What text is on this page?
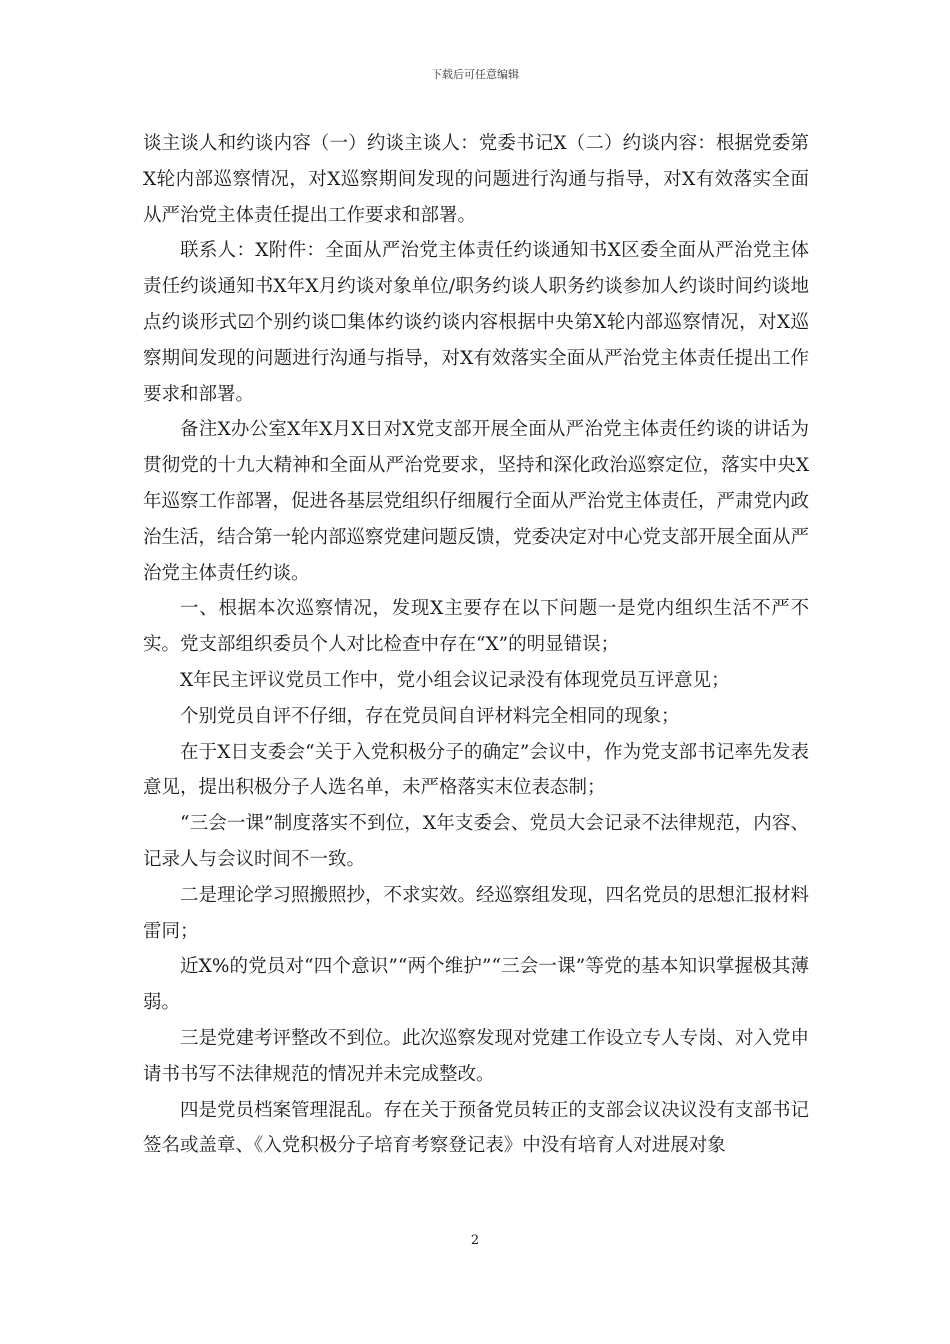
下载后可任意编辑

谈主谈人和约谈内容（一）约谈主谈人：党委书记X（二）约谈内容：根据党委第X轮内部巡察情况，对X巡察期间发现的问题进行沟通与指导，对X有效落实全面从严治党主体责任提出工作要求和部署。

联系人：X附件：全面从严治党主体责任约谈通知书X区委全面从严治党主体责任约谈通知书X年X月约谈对象单位/职务约谈人职务约谈参加人约谈时间约谈地点约谈形式☑个别约谈☐集体约谈约谈内容根据中央第X轮内部巡察情况，对X巡察期间发现的问题进行沟通与指导，对X有效落实全面从严治党主体责任提出工作要求和部署。

备注X办公室X年X月X日对X党支部开展全面从严治党主体责任约谈的讲话为贯彻党的十九大精神和全面从严治党要求，坚持和深化政治巡察定位，落实中央X年巡察工作部署，促进各基层党组织仔细履行全面从严治党主体责任，严肃党内政治生活，结合第一轮内部巡察党建问题反馈，党委决定对中心党支部开展全面从严治党主体责任约谈。

一、根据本次巡察情况，发现X主要存在以下问题一是党内组织生活不严不实。党支部组织委员个人对比检查中存在“X”的明显错误；

X年民主评议党员工作中，党小组会议记录没有体现党员互评意见；

个别党员自评不仔细，存在党员间自评材料完全相同的现象；

在于X日支委会“关于入党积极分子的确定”会议中，作为党支部书记率先发表意见，提出积极分子人选名单，未严格落实末位表态制；

“三会一课”制度落实不到位，X年支委会、党员大会记录不法律规范，内容、记录人与会议时间不一致。

二是理论学习照搬照抄，不求实效。经巡察组发现，四名党员的思想汇报材料雷同；

近X%的党员对“四个意识”“两个维护”“三会一课”等党的基本知识掌握极其薄弱。

三是党建考评整改不到位。此次巡察发现对党建工作设立专人专岗、对入党申请书书写不法律规范的情况并未完成整改。

四是党员档案管理混乱。存在关于预备党员转正的支部会议决议没有支部书记签名或盖章、《入党积极分子培育考察登记表》中没有培育人对进展对象

2
